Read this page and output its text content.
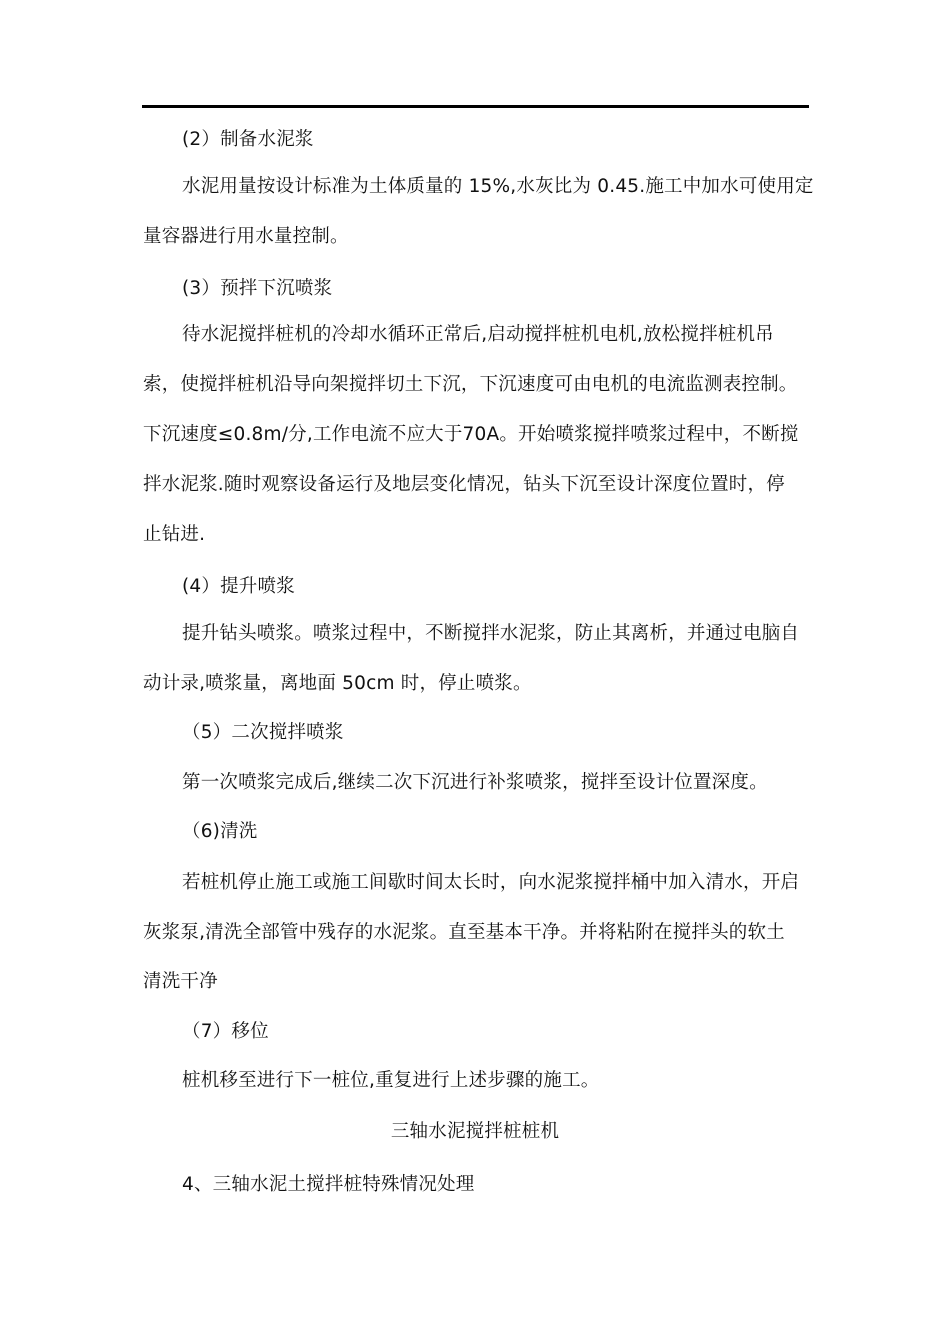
(2）制备水泥浆
水泥用量按设计标准为土体质量的 15%,水灰比为 0.45.施工中加水可使用定
量容器进行用水量控制。
(3）预拌下沉喷浆
待水泥搅拌桩机的冷却水循环正常后,启动搅拌桩机电机,放松搅拌桩机吊
索，使搅拌桩机沿导向架搅拌切土下沉，下沉速度可由电机的电流监测表控制。
下沉速度≤0.8m/分,工作电流不应大于70A。开始喷浆搅拌喷浆过程中，不断搅
拌水泥浆.随时观察设备运行及地层变化情况，钻头下沉至设计深度位置时，停
止钻进.
(4）提升喷浆
提升钻头喷浆。喷浆过程中，不断搅拌水泥浆，防止其离析，并通过电脑自
动计录,喷浆量，离地面 50cm 时，停止喷浆。
（5）二次搅拌喷浆
第一次喷浆完成后,继续二次下沉进行补浆喷浆，搅拌至设计位置深度。
（6)清洗
若桩机停止施工或施工间歇时间太长时，向水泥浆搅拌桶中加入清水，开启
灰浆泵,清洗全部管中残存的水泥浆。直至基本干净。并将粘附在搅拌头的软土
清洗干净
（7）移位
桩机移至进行下一桩位,重复进行上述步骤的施工。
三轴水泥搅拌桩桩机
4、三轴水泥土搅拌桩特殊情况处理
